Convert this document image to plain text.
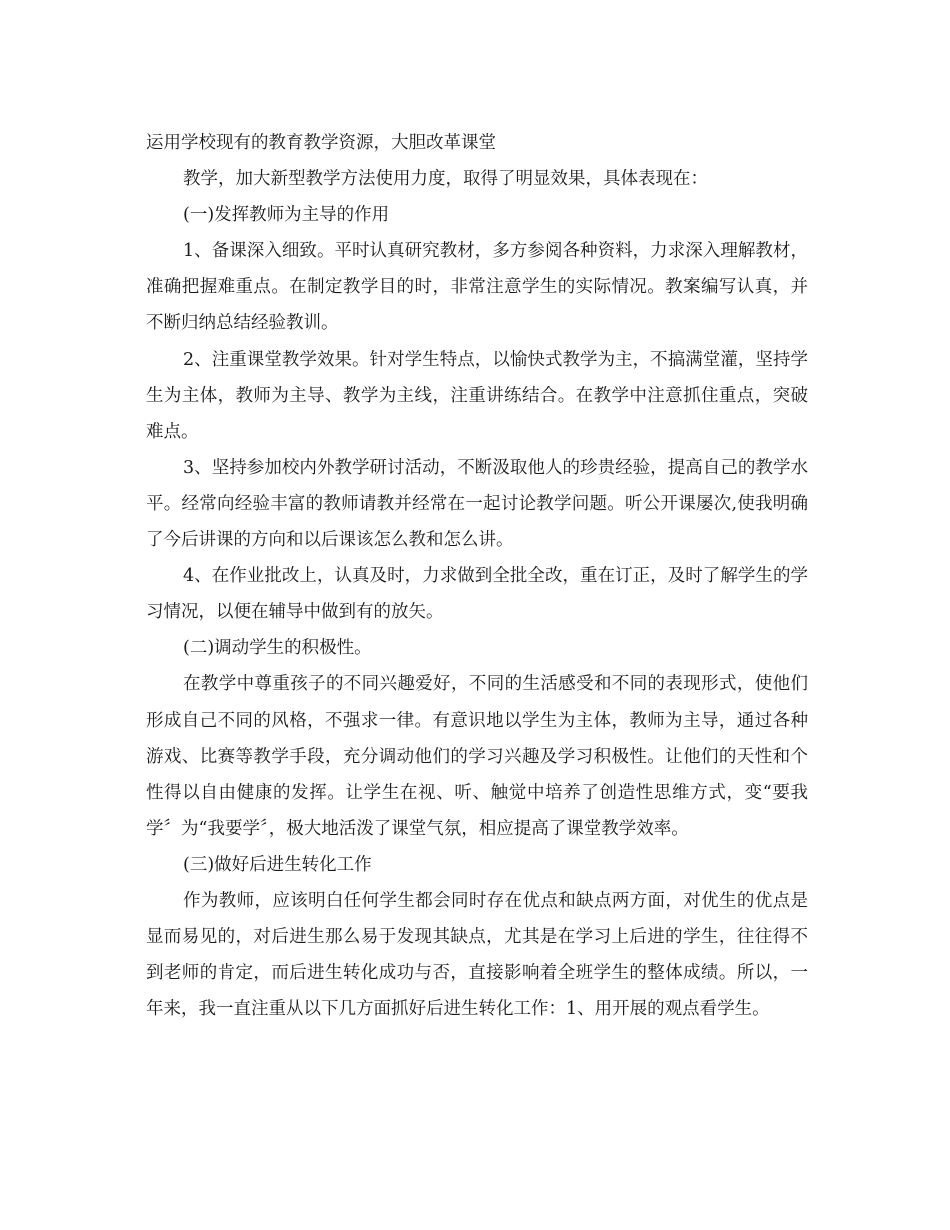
运用学校现有的教育教学资源，大胆改革课堂

教学，加大新型教学方法使用力度，取得了明显效果，具体表现在：

(一)发挥教师为主导的作用

1、备课深入细致。平时认真研究教材，多方参阅各种资料，力求深入理解教材，准确把握难重点。在制定教学目的时，非常注意学生的实际情况。教案编写认真，并不断归纳总结经验教训。

2、注重课堂教学效果。针对学生特点，以愉快式教学为主，不搞满堂灌，坚持学生为主体，教师为主导、教学为主线，注重讲练结合。在教学中注意抓住重点，突破难点。

3、坚持参加校内外教学研讨活动，不断汲取他人的珍贵经验，提高自己的教学水平。经常向经验丰富的教师请教并经常在一起讨论教学问题。听公开课屡次,使我明确了今后讲课的方向和以后课该怎么教和怎么讲。

4、在作业批改上，认真及时，力求做到全批全改，重在订正，及时了解学生的学习情况，以便在辅导中做到有的放矢。

(二)调动学生的积极性。

在教学中尊重孩子的不同兴趣爱好，不同的生活感受和不同的表现形式，使他们形成自己不同的风格，不强求一律。有意识地以学生为主体，教师为主导，通过各种游戏、比赛等教学手段，充分调动他们的学习兴趣及学习积极性。让他们的天性和个性得以自由健康的发挥。让学生在视、听、触觉中培养了创造性思维方式，变“要我学〞为“我要学〞，极大地活泼了课堂气氛，相应提高了课堂教学效率。

(三)做好后进生转化工作

作为教师，应该明白任何学生都会同时存在优点和缺点两方面，对优生的优点是显而易见的，对后进生那么易于发现其缺点，尤其是在学习上后进的学生，往往得不到老师的肯定，而后进生转化成功与否，直接影响着全班学生的整体成绩。所以，一年来，我一直注重从以下几方面抓好后进生转化工作：1、用开展的观点看学生。
